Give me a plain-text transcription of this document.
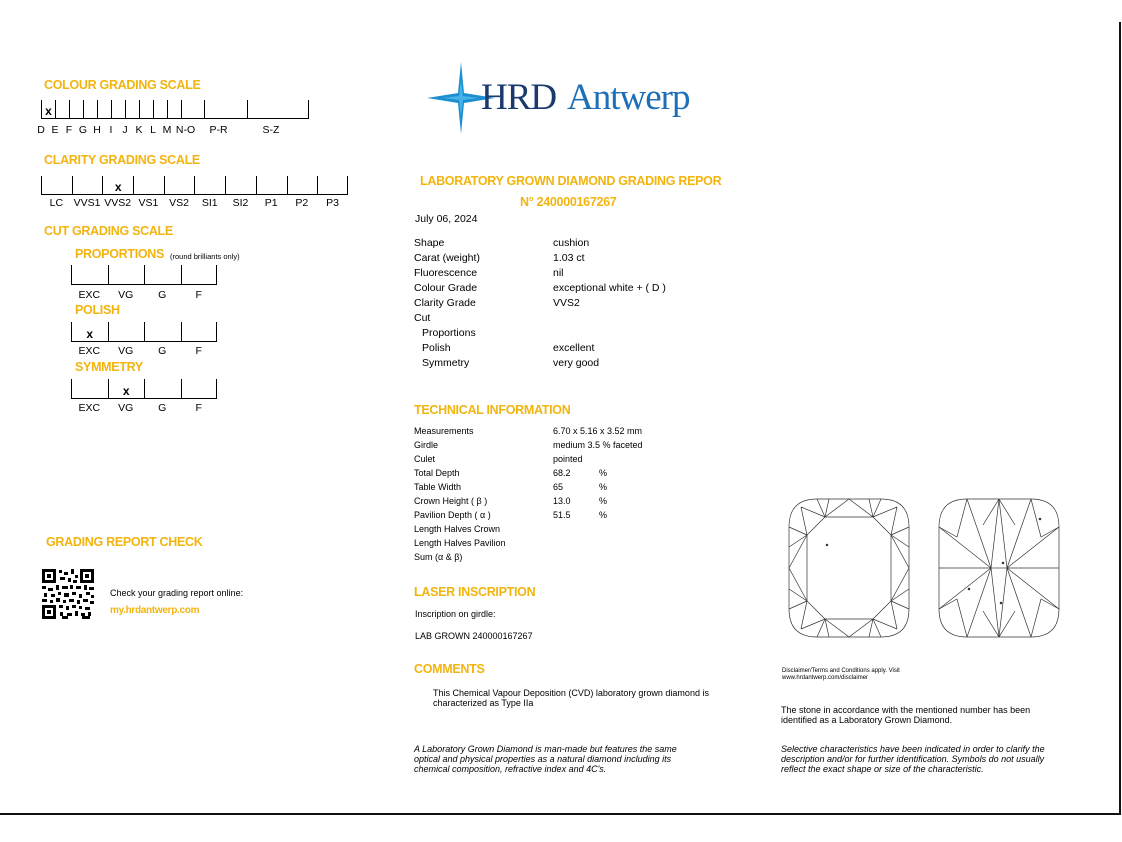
COLOUR GRADING SCALE
x
D E F G H I J K L M N-O	P-R	S-Z
CLARITY GRADING SCALE
x
LC	VVS1 VVS2 VS1	VS2	SI1	SI2	P1	P2	P3
CUT GRADING SCALE
PROPORTIONS (round brilliants only)
EXC	VG	G	F
POLISH
x
EXC	VG	G	F
SYMMETRY
x
EXC	VG	G	F
HRD Antwerp
LABORATORY GROWN DIAMOND GRADING REPOR
N° 240000167267
July 06, 2024
Shape	cushion
Carat (weight)	1.03 ct
Fluorescence	nil
Colour Grade	exceptional white + ( D )
Clarity Grade	VVS2
Cut
Proportions
Polish	excellent
Symmetry	very good
TECHNICAL INFORMATION
Measurements	6.70 x 5.16 x 3.52 mm
Girdle	medium 3.5 % faceted
Culet	pointed
Total Depth	68.2	%
Table Width	65	%
Crown Height ( β )	13.0	%
Pavilion Depth ( α )	51.5	%
Length Halves Crown
Length Halves Pavilion
Sum (α & β)
LASER INSCRIPTION
Inscription on girdle:
LAB GROWN 240000167267
COMMENTS
This Chemical Vapour Deposition (CVD) laboratory grown diamond is
characterized as Type IIa
A Laboratory Grown Diamond is man-made but features the same
optical and physical properties as a natural diamond including its
chemical composition, refractive index and 4C's.
GRADING REPORT CHECK
Check your grading report online:
my.hrdantwerp.com
Disclaimer/Terms and Conditions apply. Visit
www.hrdantwerp.com/disclaimer
The stone in accordance with the mentioned number has been
identified as a Laboratory Grown Diamond.
Selective characteristics have been indicated in order to clarify the
description and/or for further identification. Symbols do not usually
reflect the exact shape or size of the characteristic.
